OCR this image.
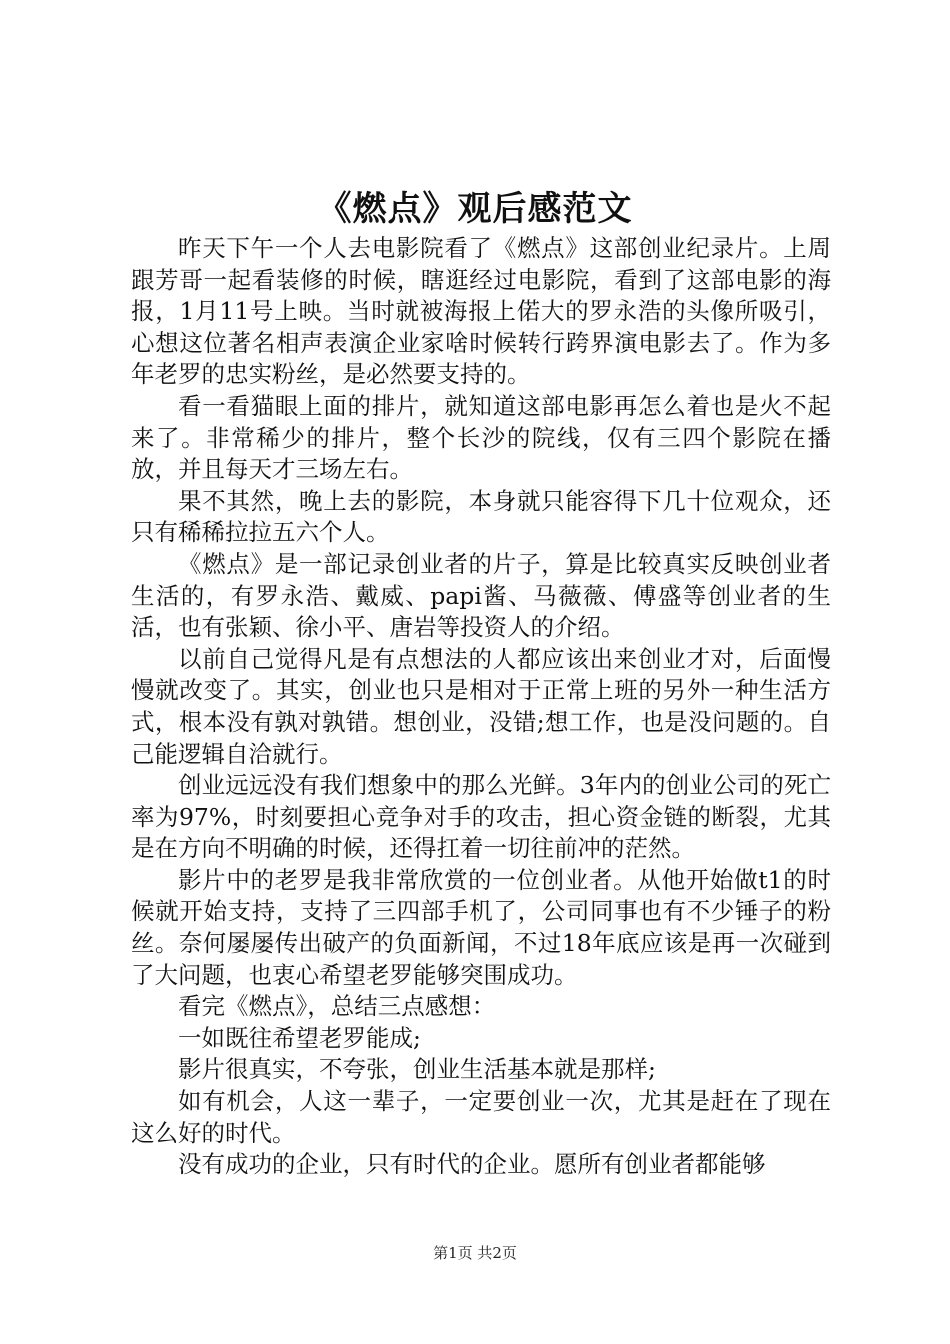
《燃点》观后感范文

昨天下午一个人去电影院看了《燃点》这部创业纪录片。上周跟芳哥一起看装修的时候，瞎逛经过电影院，看到了这部电影的海报，1月11号上映。当时就被海报上偌大的罗永浩的头像所吸引，心想这位著名相声表演企业家啥时候转行跨界演电影去了。作为多年老罗的忠实粉丝，是必然要支持的。

看一看猫眼上面的排片，就知道这部电影再怎么着也是火不起来了。非常稀少的排片，整个长沙的院线，仅有三四个影院在播放，并且每天才三场左右。

果不其然，晚上去的影院，本身就只能容得下几十位观众，还只有稀稀拉拉五六个人。

《燃点》是一部记录创业者的片子，算是比较真实反映创业者生活的，有罗永浩、戴威、papi酱、马薇薇、傅盛等创业者的生活，也有张颖、徐小平、唐岩等投资人的介绍。

以前自己觉得凡是有点想法的人都应该出来创业才对，后面慢慢就改变了。其实，创业也只是相对于正常上班的另外一种生活方式，根本没有孰对孰错。想创业，没错;想工作，也是没问题的。自己能逻辑自洽就行。

创业远远没有我们想象中的那么光鲜。3年内的创业公司的死亡率为97%，时刻要担心竞争对手的攻击，担心资金链的断裂，尤其是在方向不明确的时候，还得扛着一切往前冲的茫然。

影片中的老罗是我非常欣赏的一位创业者。从他开始做t1的时候就开始支持，支持了三四部手机了，公司同事也有不少锤子的粉丝。奈何屡屡传出破产的负面新闻，不过18年底应该是再一次碰到了大问题，也衷心希望老罗能够突围成功。

看完《燃点》，总结三点感想：

一如既往希望老罗能成;

影片很真实，不夸张，创业生活基本就是那样;

如有机会，人这一辈子，一定要创业一次，尤其是赶在了现在这么好的时代。

没有成功的企业，只有时代的企业。愿所有创业者都能够

第1页 共2页
